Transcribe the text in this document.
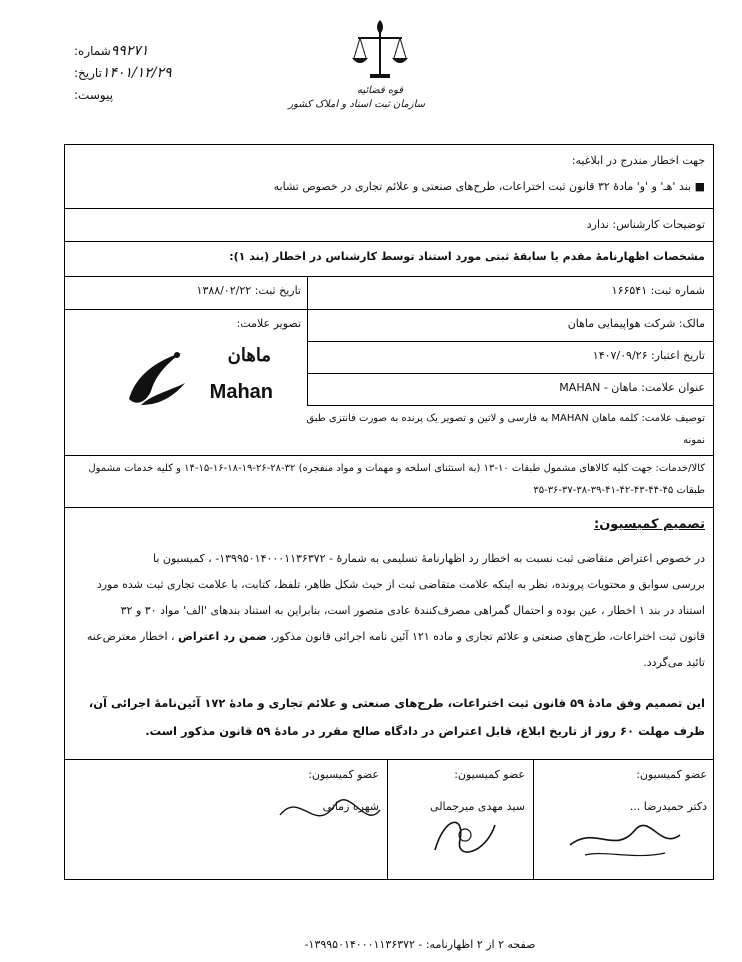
شماره: ۹۹۲۷۱
تاریخ: ۱۴۰۱/۱۲/۲۹
پیوست:	قوه قضائیه
سازمان ثبت اسناد و املاک کشور
جهت اخطار مندرج در ابلاغیه:
■ بند 'هـ' و 'و' مادهٔ ۳۲ قانون ثبت اختراعات، طرح‌های صنعتی و علائم تجاری در خصوص تشابه
توضیحات کارشناس: ندارد
مشخصات اظهارنامهٔ مقدم یا سابقهٔ ثبتی مورد استناد توسط کارشناس در اخطار (بند ۱):
شماره ثبت: ۱۶۶۵۴۱
تاریخ ثبت: ۱۳۸۸/۰۲/۲۲
مالک: شرکت هواپیمایی ماهان
تصویر علامت:
ماهان
Mahan
تاریخ اعتبار: ۱۴۰۷/۰۹/۲۶
عنوان علامت: ماهان - MAHAN
توصیف علامت: کلمه ماهان MAHAN به فارسی و لاتین و تصویر یک پرنده به صورت فانتزی طبق
نمونه
کالا/خدمات: جهت کلیه کالاهای مشمول طبقات ۱۰-۱۳ (به استثنای اسلحه و مهمات و مواد منفجره) ۳۲-۲۸-۲۶-۱۹-۱۸-۱۶-۱۵-۱۴ و کلیه خدمات مشمول
طبقات ۴۵-۴۴-۴۳-۴۲-۴۱-۳۹-۳۸-۳۷-۳۶-۳۵
تصمیم کمیسیون:
در خصوص اعتراض متقاضی ثبت نسبت به اخطار رد اظهارنامهٔ تسلیمی به شمارهٔ - ۱۳۹۹۵۰۱۴۰۰۰۱۱۳۶۳۷۲- ، کمیسیون با
بررسی سوابق و محتویات پرونده، نظر به اینکه علامت متقاضی ثبت از حیث شکل ظاهر، تلفظ، کتابت، با علامت تجاری ثبت شده مورد
استناد در بند ۱ اخطار ، عین بوده و احتمال گمراهی مصرف‌کنندهٔ عادی متصور است، بنابراین به استناد بندهای 'الف' مواد ۳۰ و ۳۲
قانون ثبت اختراعات، طرح‌های صنعتی و علائم تجاری و ماده ۱۲۱ آئین نامه اجرائی قانون مذکور، ضمن رد اعتراض ، اخطار معترض‌عنه
تائید می‌گردد.
این تصمیم وفق مادهٔ ۵۹ قانون ثبت اختراعات، طرح‌های صنعتی و علائم تجاری و مادهٔ ۱۷۲ آئین‌نامهٔ اجرائی آن،
ظرف مهلت ۶۰ روز از تاریخ ابلاغ، قابل اعتراض در دادگاه صالح مقرر در مادهٔ ۵۹ قانون مذکور است.
عضو کمیسیون:
دکتر حمیدرضا ...
عضو کمیسیون:
سید مهدی میرجمالی
عضو کمیسیون:
شهره زمانی
صفحه ۲ از ۲ اظهارنامه: - ۱۳۹۹۵۰۱۴۰۰۰۱۱۳۶۳۷۲-
